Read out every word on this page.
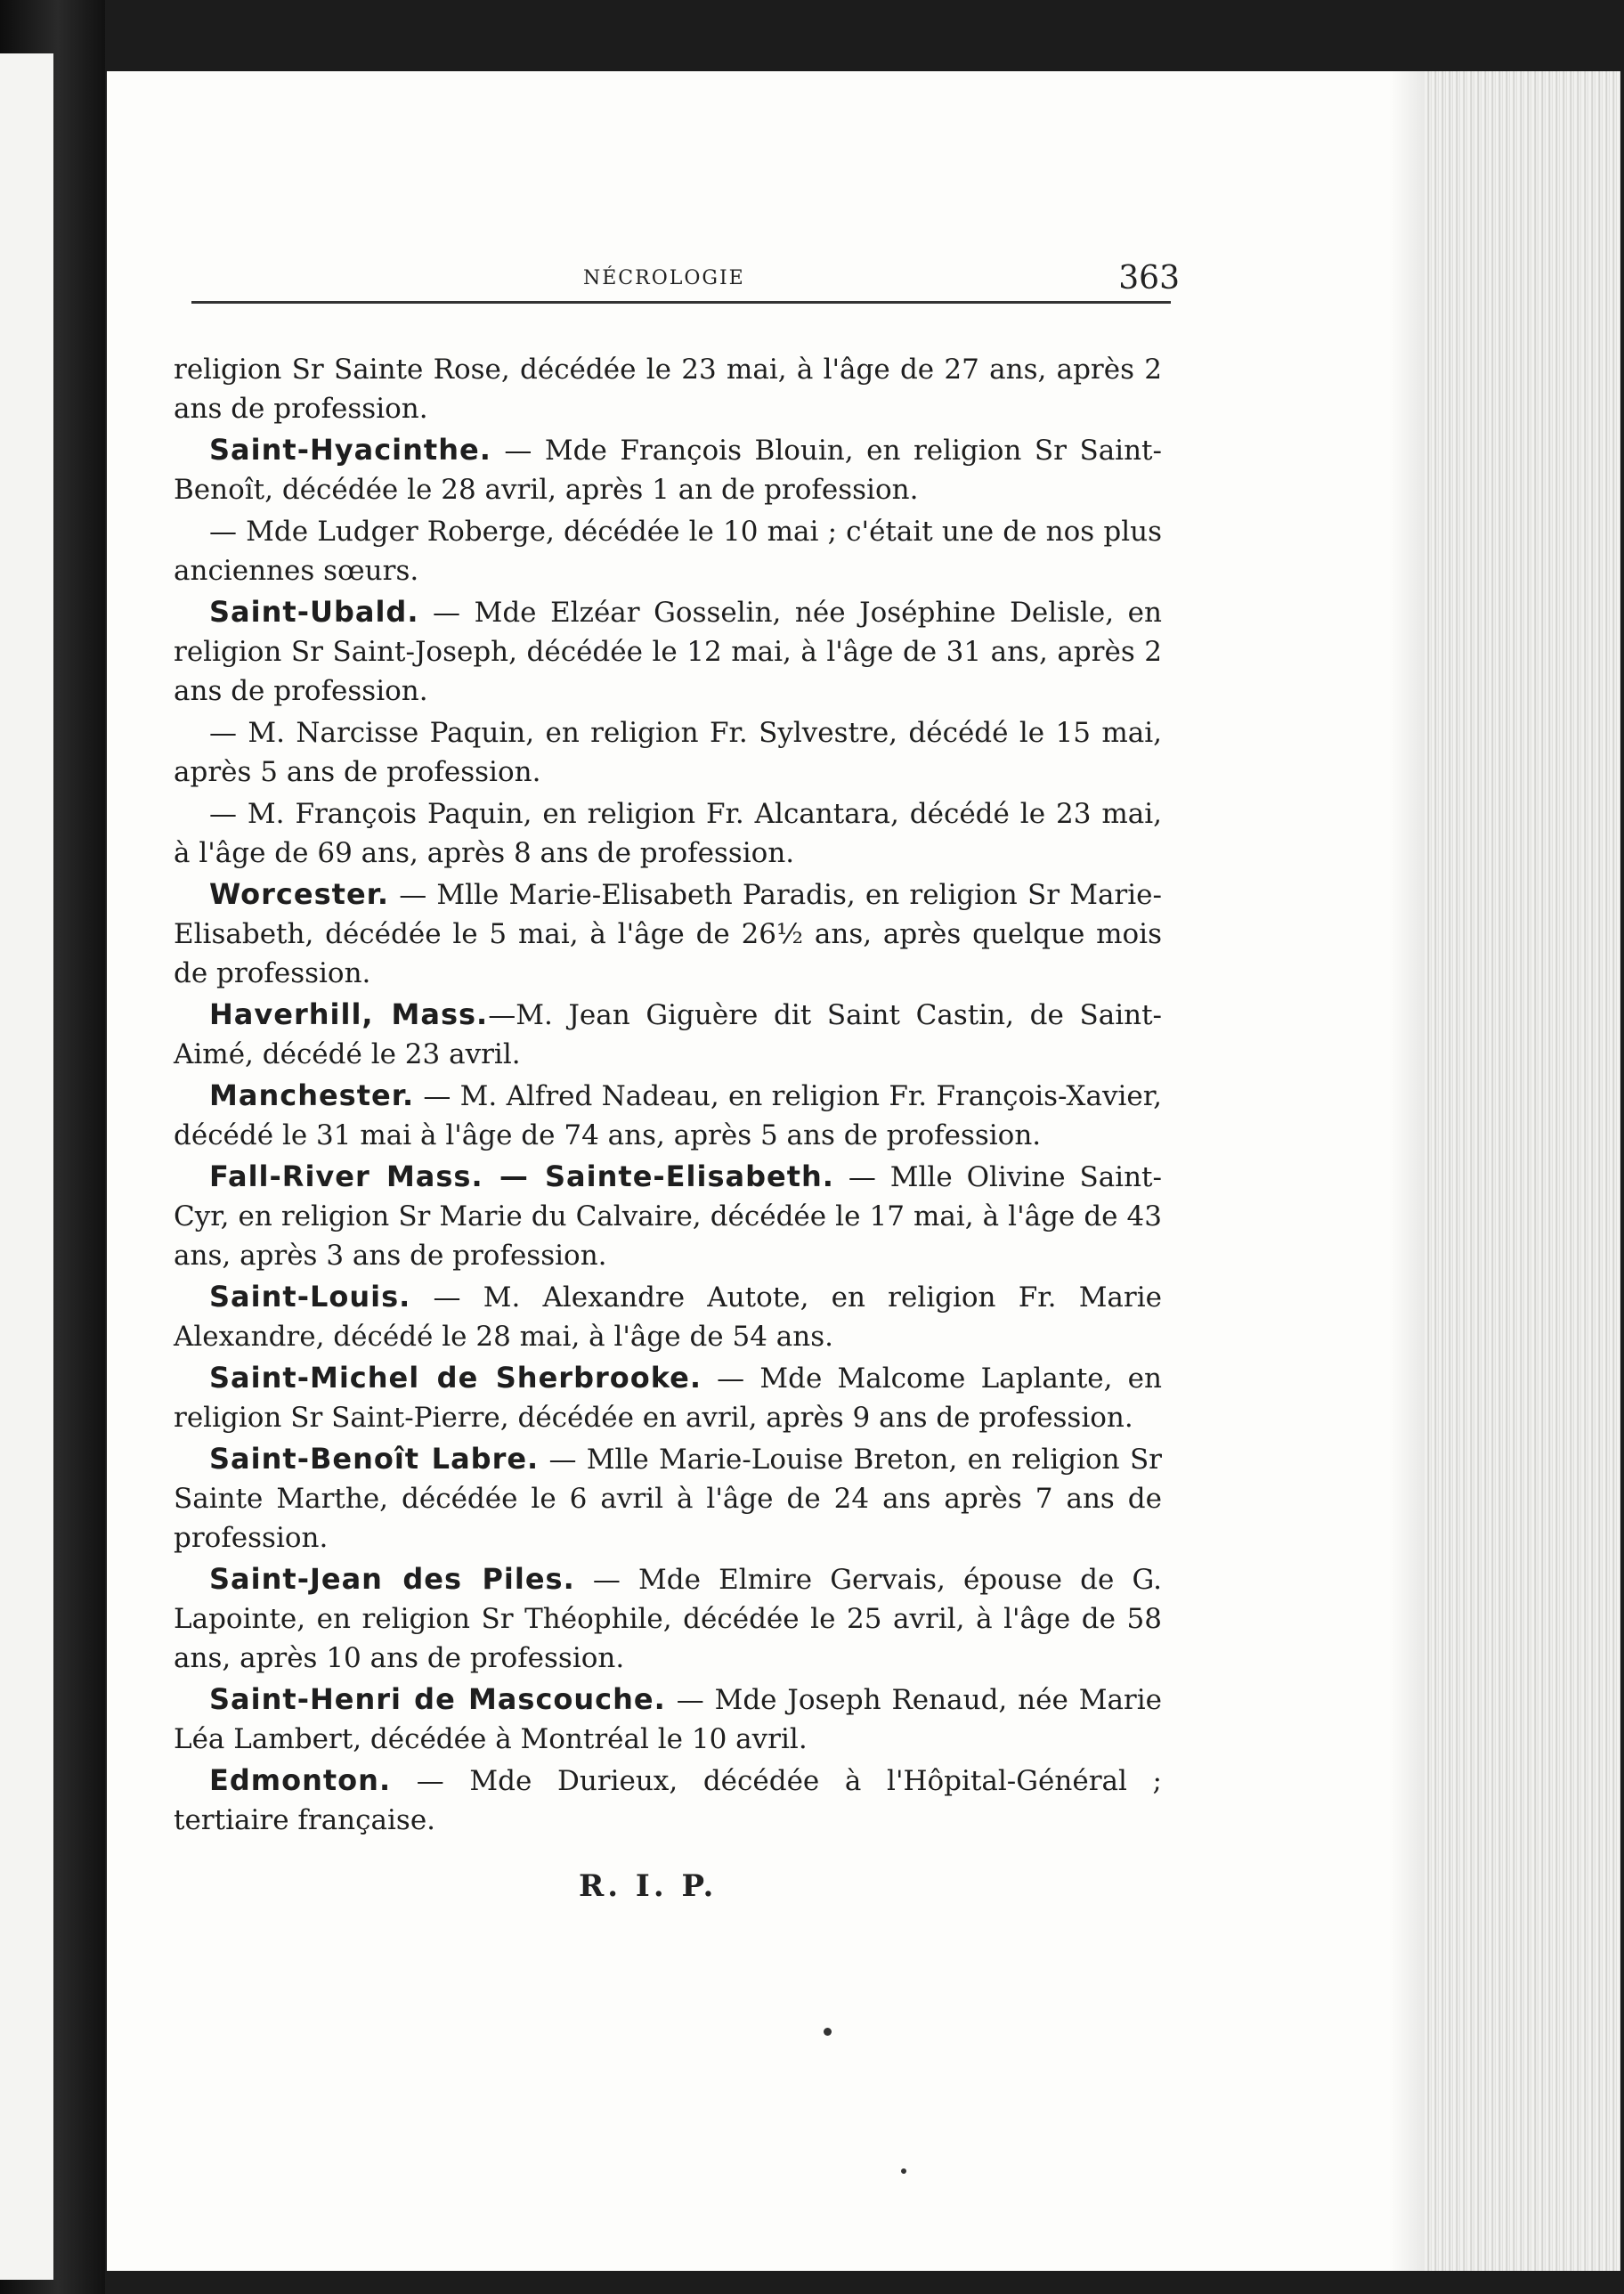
NÉCROLOGIE	363

religion Sr Sainte Rose, décédée le 23 mai, à l'âge de 27 ans, après 2 ans de profession.

Saint-Hyacinthe. — Mde François Blouin, en religion Sr Saint-Benoît, décédée le 28 avril, après 1 an de profession.

— Mde Ludger Roberge, décédée le 10 mai ; c'était une de nos plus anciennes sœurs.

Saint-Ubald. — Mde Elzéar Gosselin, née Joséphine Delisle, en religion Sr Saint-Joseph, décédée le 12 mai, à l'âge de 31 ans, après 2 ans de profession.

— M. Narcisse Paquin, en religion Fr. Sylvestre, décédé le 15 mai, après 5 ans de profession.

— M. François Paquin, en religion Fr. Alcantara, décédé le 23 mai, à l'âge de 69 ans, après 8 ans de profession.

Worcester. — Mlle Marie-Elisabeth Paradis, en religion Sr Marie-Elisabeth, décédée le 5 mai, à l'âge de 26½ ans, après quelque mois de profession.

Haverhill, Mass.—M. Jean Giguère dit Saint Castin, de Saint-Aimé, décédé le 23 avril.

Manchester. — M. Alfred Nadeau, en religion Fr. François-Xavier, décédé le 31 mai à l'âge de 74 ans, après 5 ans de profession.

Fall-River Mass. — Sainte-Elisabeth. — Mlle Olivine Saint-Cyr, en religion Sr Marie du Calvaire, décédée le 17 mai, à l'âge de 43 ans, après 3 ans de profession.

Saint-Louis. — M. Alexandre Autote, en religion Fr. Marie Alexandre, décédé le 28 mai, à l'âge de 54 ans.

Saint-Michel de Sherbrooke. — Mde Malcome Laplante, en religion Sr Saint-Pierre, décédée en avril, après 9 ans de profession.

Saint-Benoît Labre. — Mlle Marie-Louise Breton, en religion Sr Sainte Marthe, décédée le 6 avril à l'âge de 24 ans après 7 ans de profession.

Saint-Jean des Piles. — Mde Elmire Gervais, épouse de G. Lapointe, en religion Sr Théophile, décédée le 25 avril, à l'âge de 58 ans, après 10 ans de profession.

Saint-Henri de Mascouche. — Mde Joseph Renaud, née Marie Léa Lambert, décédée à Montréal le 10 avril.

Edmonton. — Mde Durieux, décédée à l'Hôpital-Général ; tertiaire française.

R. I. P.
